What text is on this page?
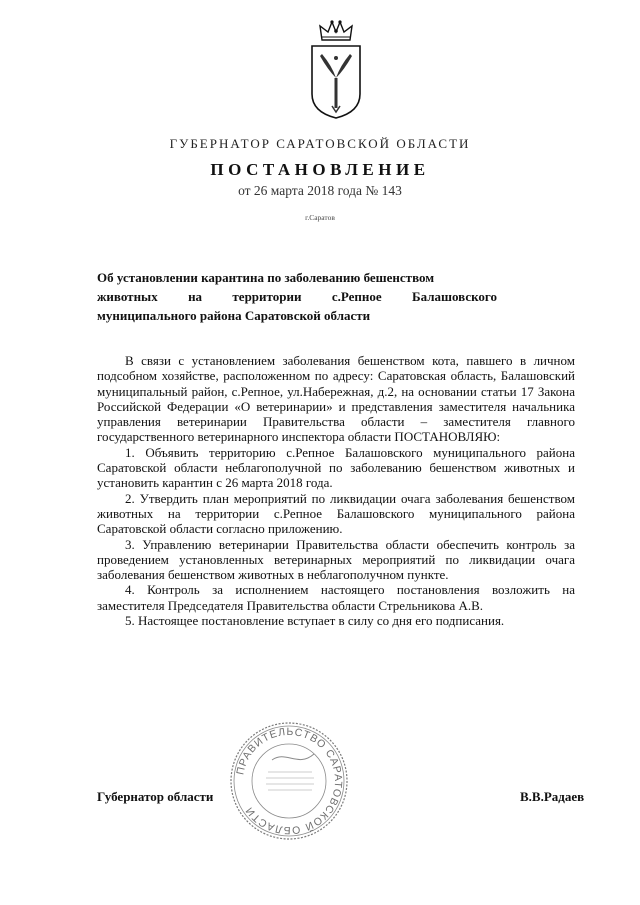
ГУБЕРНАТОР САРАТОВСКОЙ ОБЛАСТИ
ПОСТАНОВЛЕНИЕ
от 26 марта 2018 года № 143
г.Саратов
Об установлении карантина по заболеванию бешенством
животных на территории с.Репное Балашовского
муниципального района Саратовской области

В связи с установлением заболевания бешенством кота, павшего в личном подсобном хозяйстве, расположенном по адресу: Саратовская область, Балашовский муниципальный район, с.Репное, ул.Набережная, д.2, на основании статьи 17 Закона Российской Федерации «О ветеринарии» и представления заместителя начальника управления ветеринарии Правительства области – заместителя главного государственного ветеринарного инспектора области ПОСТАНОВЛЯЮ:

1. Объявить территорию с.Репное Балашовского муниципального района Саратовской области неблагополучной по заболеванию бешенством животных и установить карантин с 26 марта 2018 года.

2. Утвердить план мероприятий по ликвидации очага заболевания бешенством животных на территории с.Репное Балашовского муниципального района Саратовской области согласно приложению.

3. Управлению ветеринарии Правительства области обеспечить контроль за проведением установленных ветеринарных мероприятий по ликвидации очага заболевания бешенством животных в неблагополучном пункте.

4. Контроль за исполнением настоящего постановления возложить на заместителя Председателя Правительства области Стрельникова А.В.

5. Настоящее постановление вступает в силу со дня его подписания.

Губернатор области
ПРАВИТЕЛЬСТВО САРАТОВСКОЙ ОБЛАСТИ
В.В.Радаев
